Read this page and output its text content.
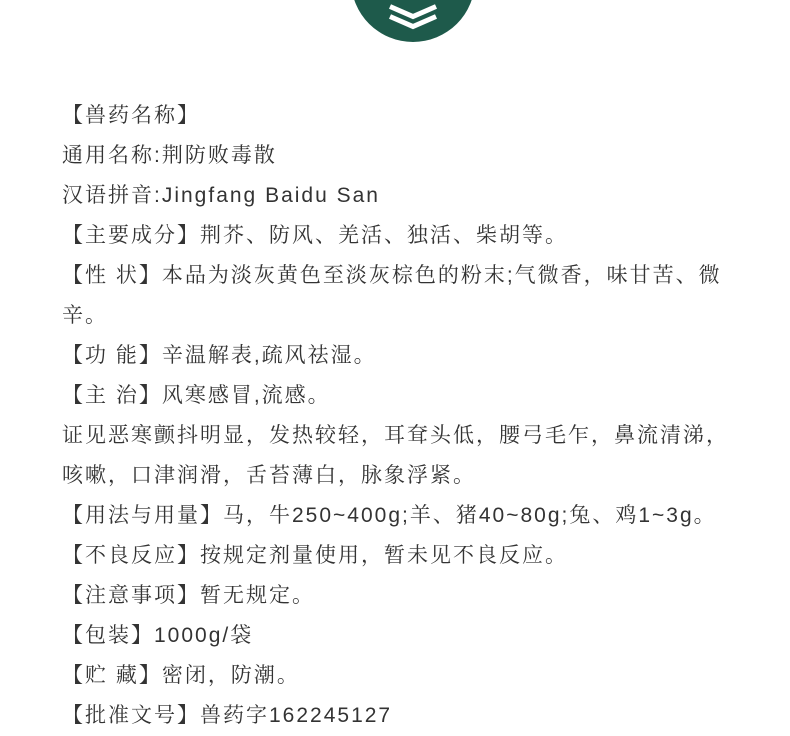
【兽药名称】
通用名称:荆防败毒散
汉语拼音:Jingfang Baidu San
【主要成分】荆芥、防风、羌活、独活、柴胡等。
【性 状】本品为淡灰黄色至淡灰棕色的粉末;气微香，味甘苦、微
辛。
【功 能】辛温解表,疏风祛湿。
【主 治】风寒感冒,流感。
证见恶寒颤抖明显，发热较轻，耳耷头低，腰弓毛乍，鼻流清涕，
咳嗽，口津润滑，舌苔薄白，脉象浮紧。
【用法与用量】马，牛250~400g;羊、猪40~80g;兔、鸡1~3g。
【不良反应】按规定剂量使用，暂未见不良反应。
【注意事项】暂无规定。
【包装】1000g/袋
【贮 藏】密闭，防潮。
【批准文号】兽药字162245127
